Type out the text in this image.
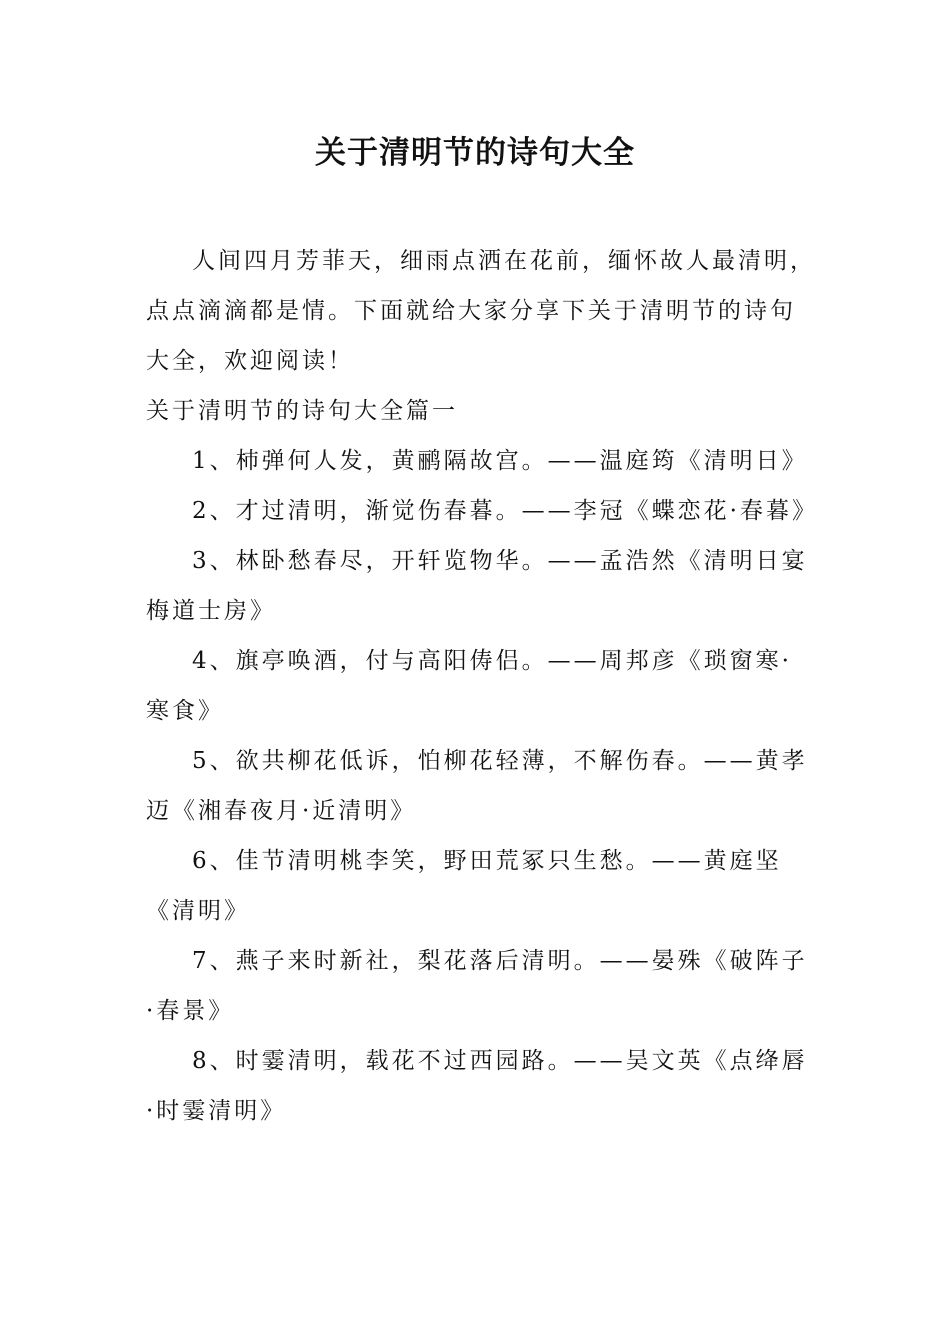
关于清明节的诗句大全

人间四月芳菲天，细雨点洒在花前，缅怀故人最清明，点点滴滴都是情。下面就给大家分享下关于清明节的诗句大全，欢迎阅读！

关于清明节的诗句大全篇一

1、杮弹何人发，黄鹂隔故宫。——温庭筠《清明日》

2、才过清明，渐觉伤春暮。——李冠《蝶恋花·春暮》

3、林卧愁春尽，开轩览物华。——孟浩然《清明日宴梅道士房》

4、旗亭唤酒，付与高阳俦侣。——周邦彦《琐窗寒·寒食》

5、欲共柳花低诉，怕柳花轻薄，不解伤春。——黄孝迈《湘春夜月·近清明》

6、佳节清明桃李笑，野田荒冢只生愁。——黄庭坚《清明》

7、燕子来时新社，梨花落后清明。——晏殊《破阵子·春景》

8、时霎清明，载花不过西园路。——吴文英《点绛唇·时霎清明》
